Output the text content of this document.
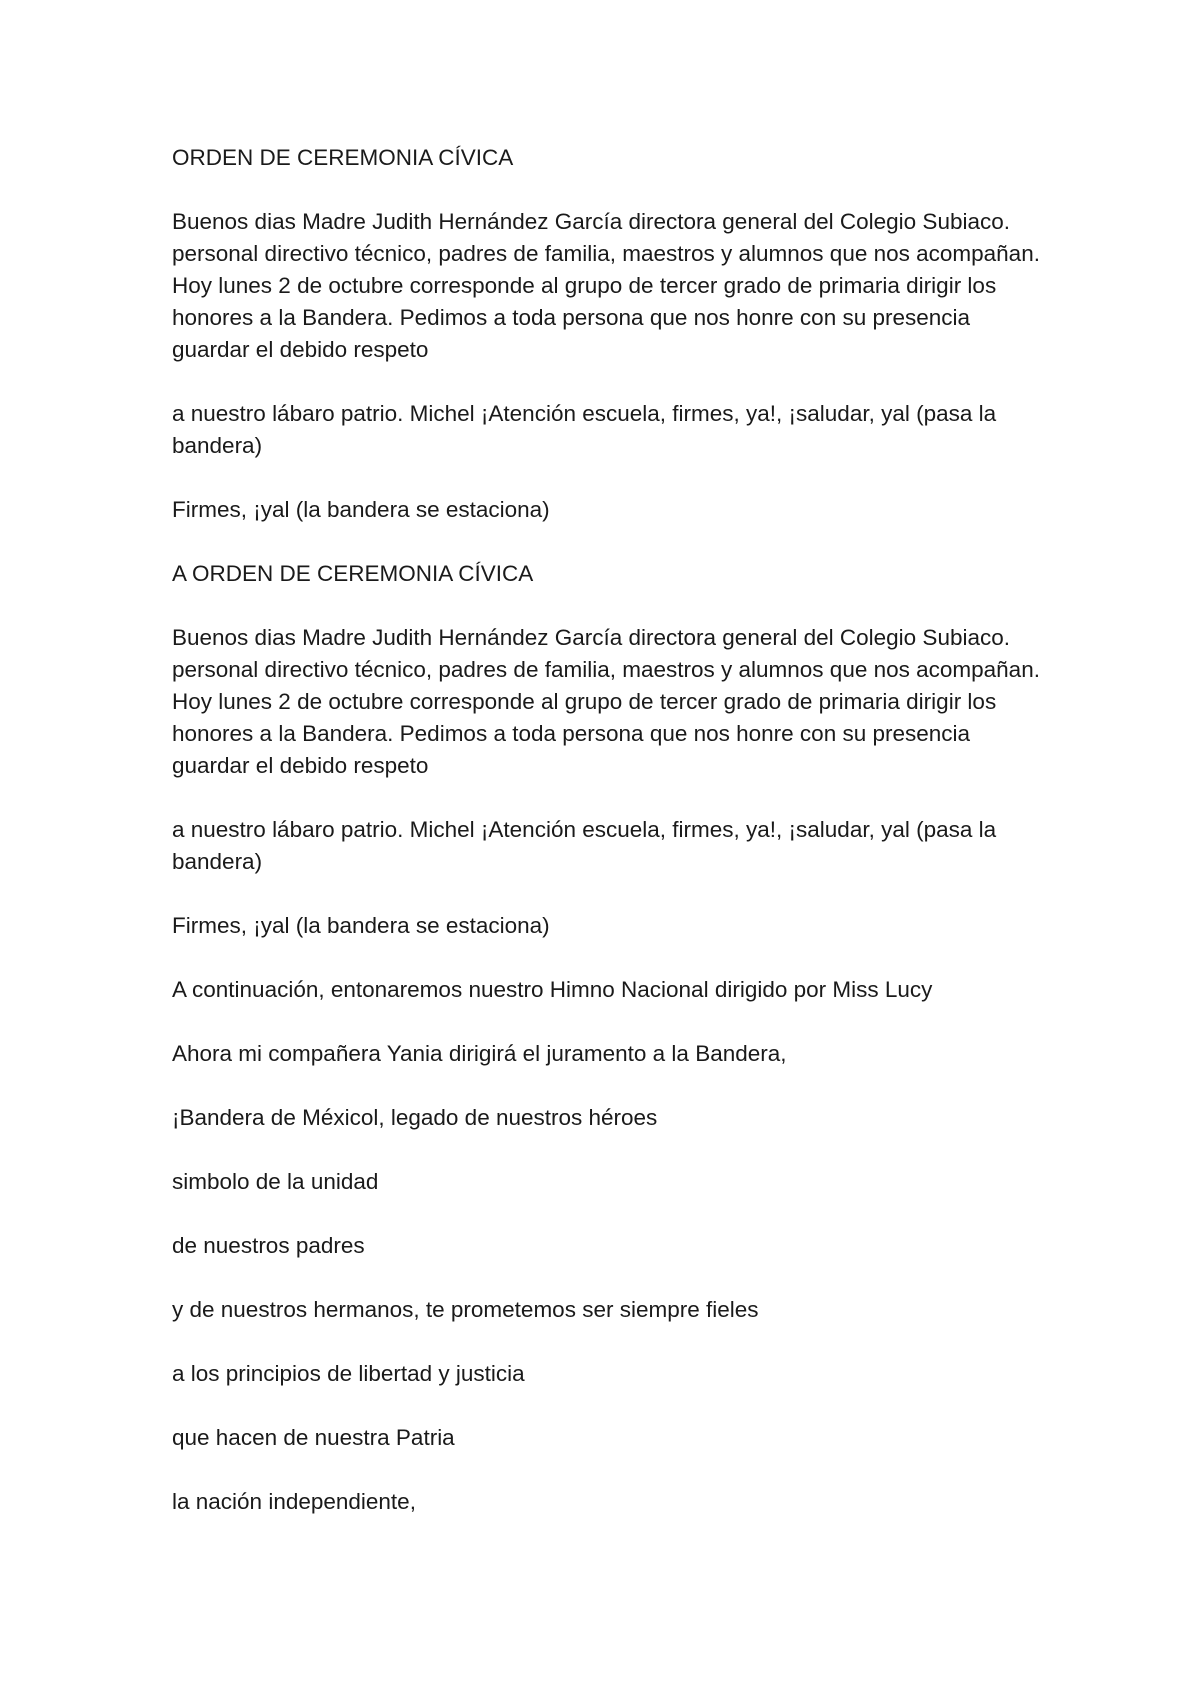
ORDEN DE CEREMONIA CÍVICA

Buenos dias Madre Judith Hernández García directora general del Colegio Subiaco. personal directivo técnico, padres de familia, maestros y alumnos que nos acompañan. Hoy lunes 2 de octubre corresponde al grupo de tercer grado de primaria dirigir los honores a la Bandera. Pedimos a toda persona que nos honre con su presencia guardar el debido respeto

a nuestro lábaro patrio. Michel ¡Atención escuela, firmes, ya!, ¡saludar, yal (pasa la bandera)

Firmes, ¡yal (la bandera se estaciona)

A ORDEN DE CEREMONIA CÍVICA

Buenos dias Madre Judith Hernández García directora general del Colegio Subiaco. personal directivo técnico, padres de familia, maestros y alumnos que nos acompañan. Hoy lunes 2 de octubre corresponde al grupo de tercer grado de primaria dirigir los honores a la Bandera. Pedimos a toda persona que nos honre con su presencia guardar el debido respeto

a nuestro lábaro patrio. Michel ¡Atención escuela, firmes, ya!, ¡saludar, yal (pasa la bandera)

Firmes, ¡yal (la bandera se estaciona)

A continuación, entonaremos nuestro Himno Nacional dirigido por Miss Lucy

Ahora mi compañera Yania dirigirá el juramento a la Bandera,

¡Bandera de Méxicol, legado de nuestros héroes

simbolo de la unidad

de nuestros padres

y de nuestros hermanos, te prometemos ser siempre fieles

a los principios de libertad y justicia

que hacen de nuestra Patria

la nación independiente,
